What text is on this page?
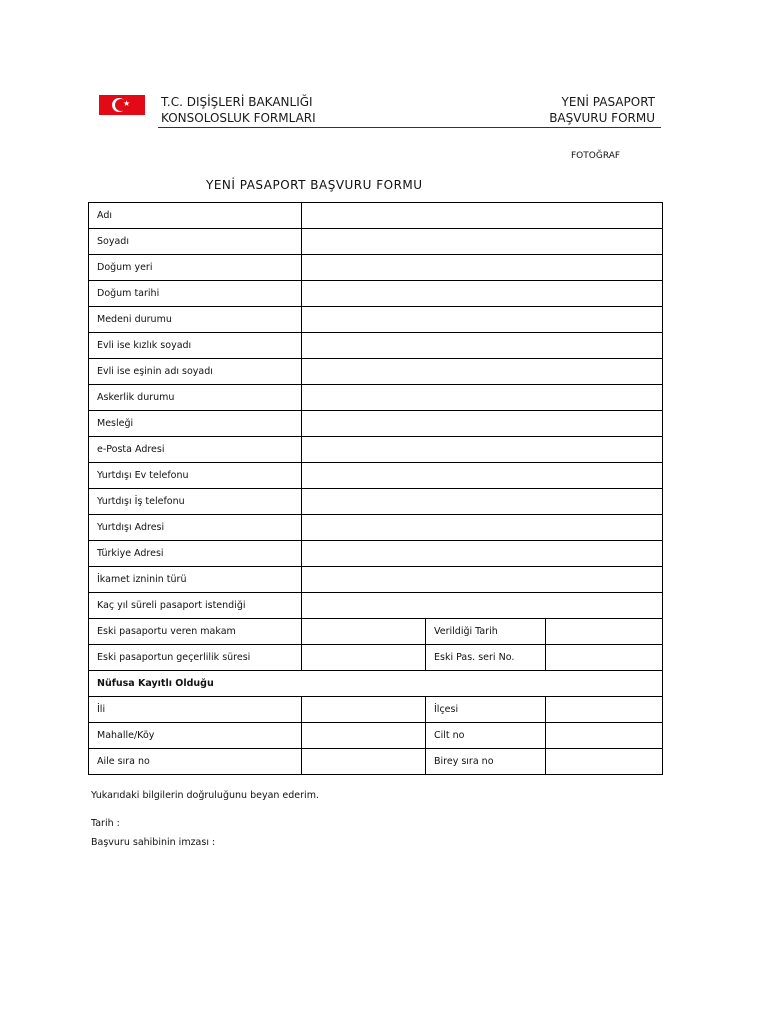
★	T.C. DIŞİŞLERİ BAKANLIĞI
KONSOLOSLUK FORMLARI
YENİ PASAPORT
BAŞVURU FORMU
FOTOĞRAF
YENİ PASAPORT BAŞVURU FORMU
Adı			
Soyadı			
Doğum yeri			
Doğum tarihi			
Medeni durumu			
Evli ise kızlık soyadı			
Evli ise eşinin adı soyadı			
Askerlik durumu			
Mesleği			
e-Posta Adresi			
Yurtdışı Ev telefonu			
Yurtdışı İş telefonu			
Yurtdışı Adresi			
Türkiye Adresi			
İkamet izninin türü			
Kaç yıl süreli pasaport istendiği			
Eski pasaportu veren makam		Verildiği Tarih	
Eski pasaportun geçerlilik süresi		Eski Pas. seri No.	
Nüfusa Kayıtlı Olduğu			
İli		İlçesi	
Mahalle/Köy		Cilt no	
Aile sıra no		Birey sıra no	
Yukarıdaki bilgilerin doğruluğunu beyan ederim.
Tarih :
Başvuru sahibinin imzası :
